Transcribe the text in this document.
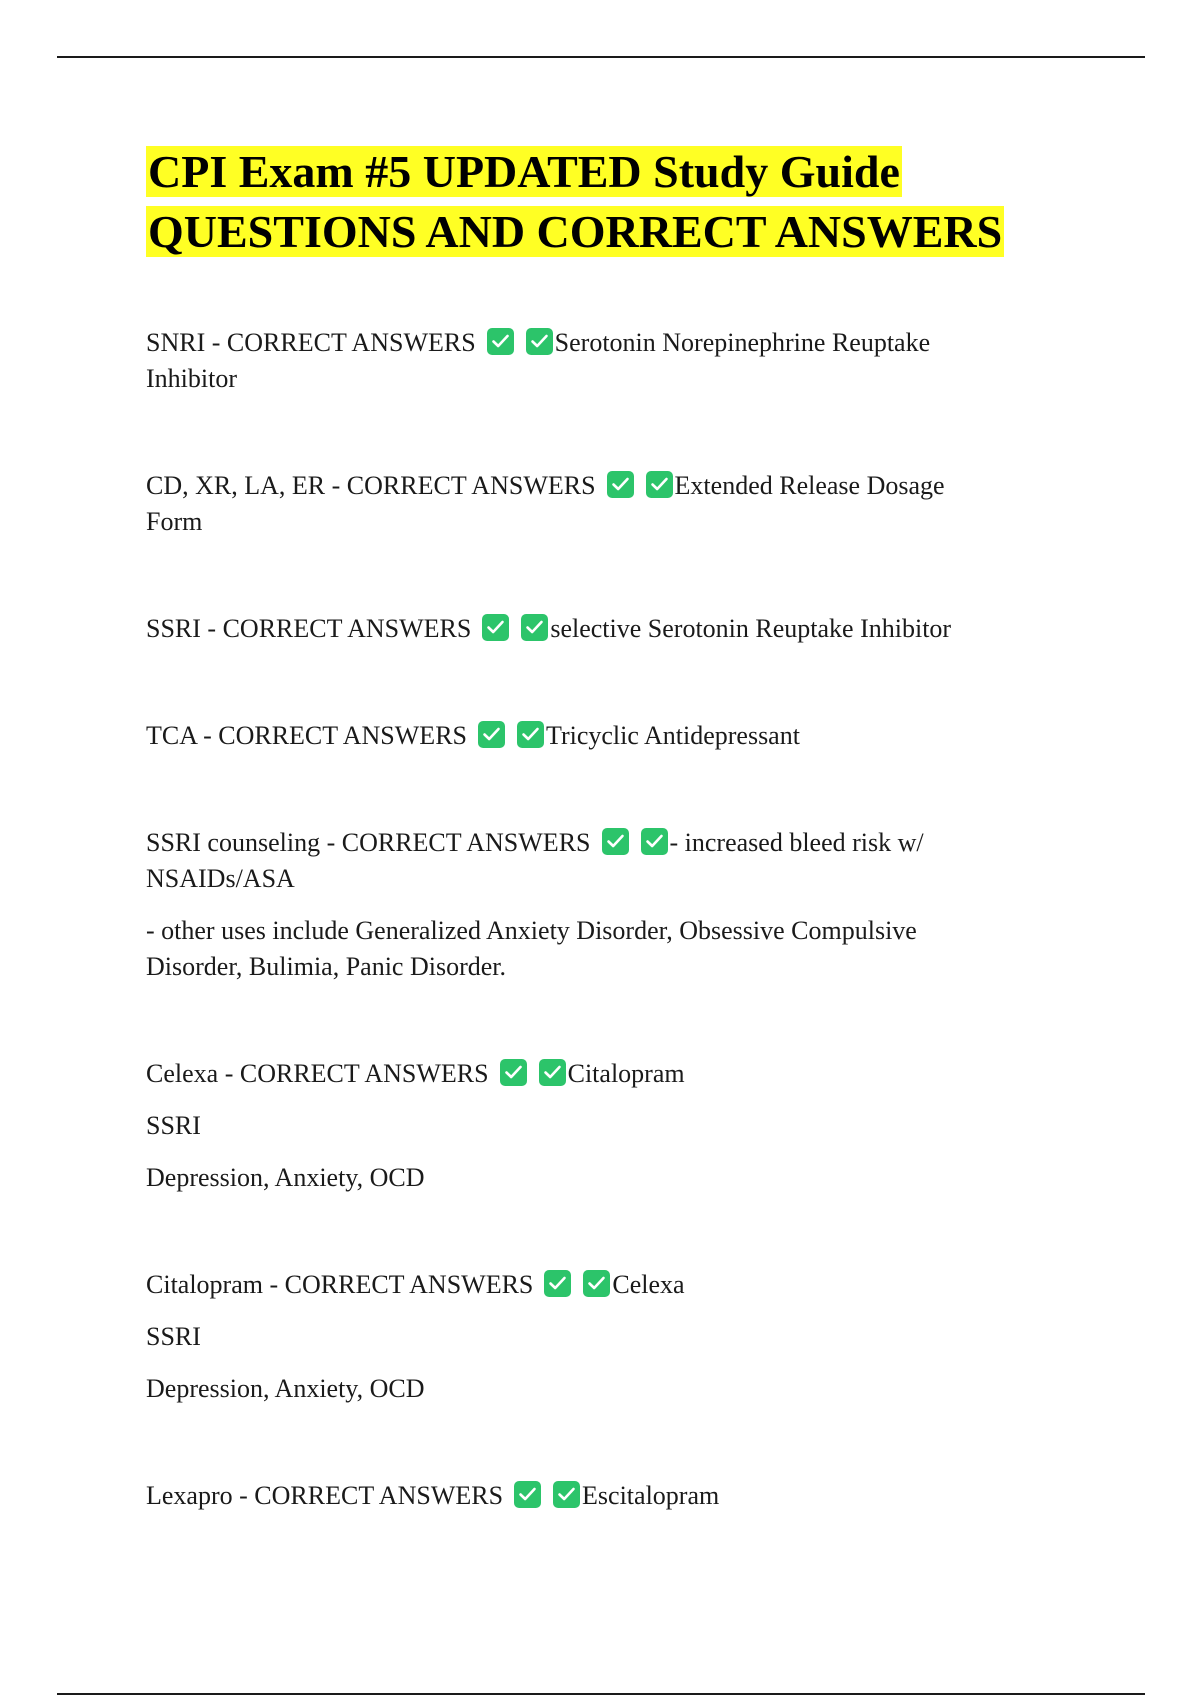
CPI Exam #5 UPDATED Study Guide
QUESTIONS AND CORRECT ANSWERS

SNRI - CORRECT ANSWERS	Serotonin Norepinephrine Reuptake
Inhibitor

CD, XR, LA, ER - CORRECT ANSWERS	Extended Release Dosage
Form

SSRI - CORRECT ANSWERS	selective Serotonin Reuptake Inhibitor

TCA - CORRECT ANSWERS	Tricyclic Antidepressant

SSRI counseling - CORRECT ANSWERS	- increased bleed risk w/
NSAIDs/ASA

- other uses include Generalized Anxiety Disorder, Obsessive Compulsive
Disorder, Bulimia, Panic Disorder.

Celexa - CORRECT ANSWERS	Citalopram

SSRI

Depression, Anxiety, OCD

Citalopram - CORRECT ANSWERS	Celexa

SSRI

Depression, Anxiety, OCD

Lexapro - CORRECT ANSWERS	Escitalopram
